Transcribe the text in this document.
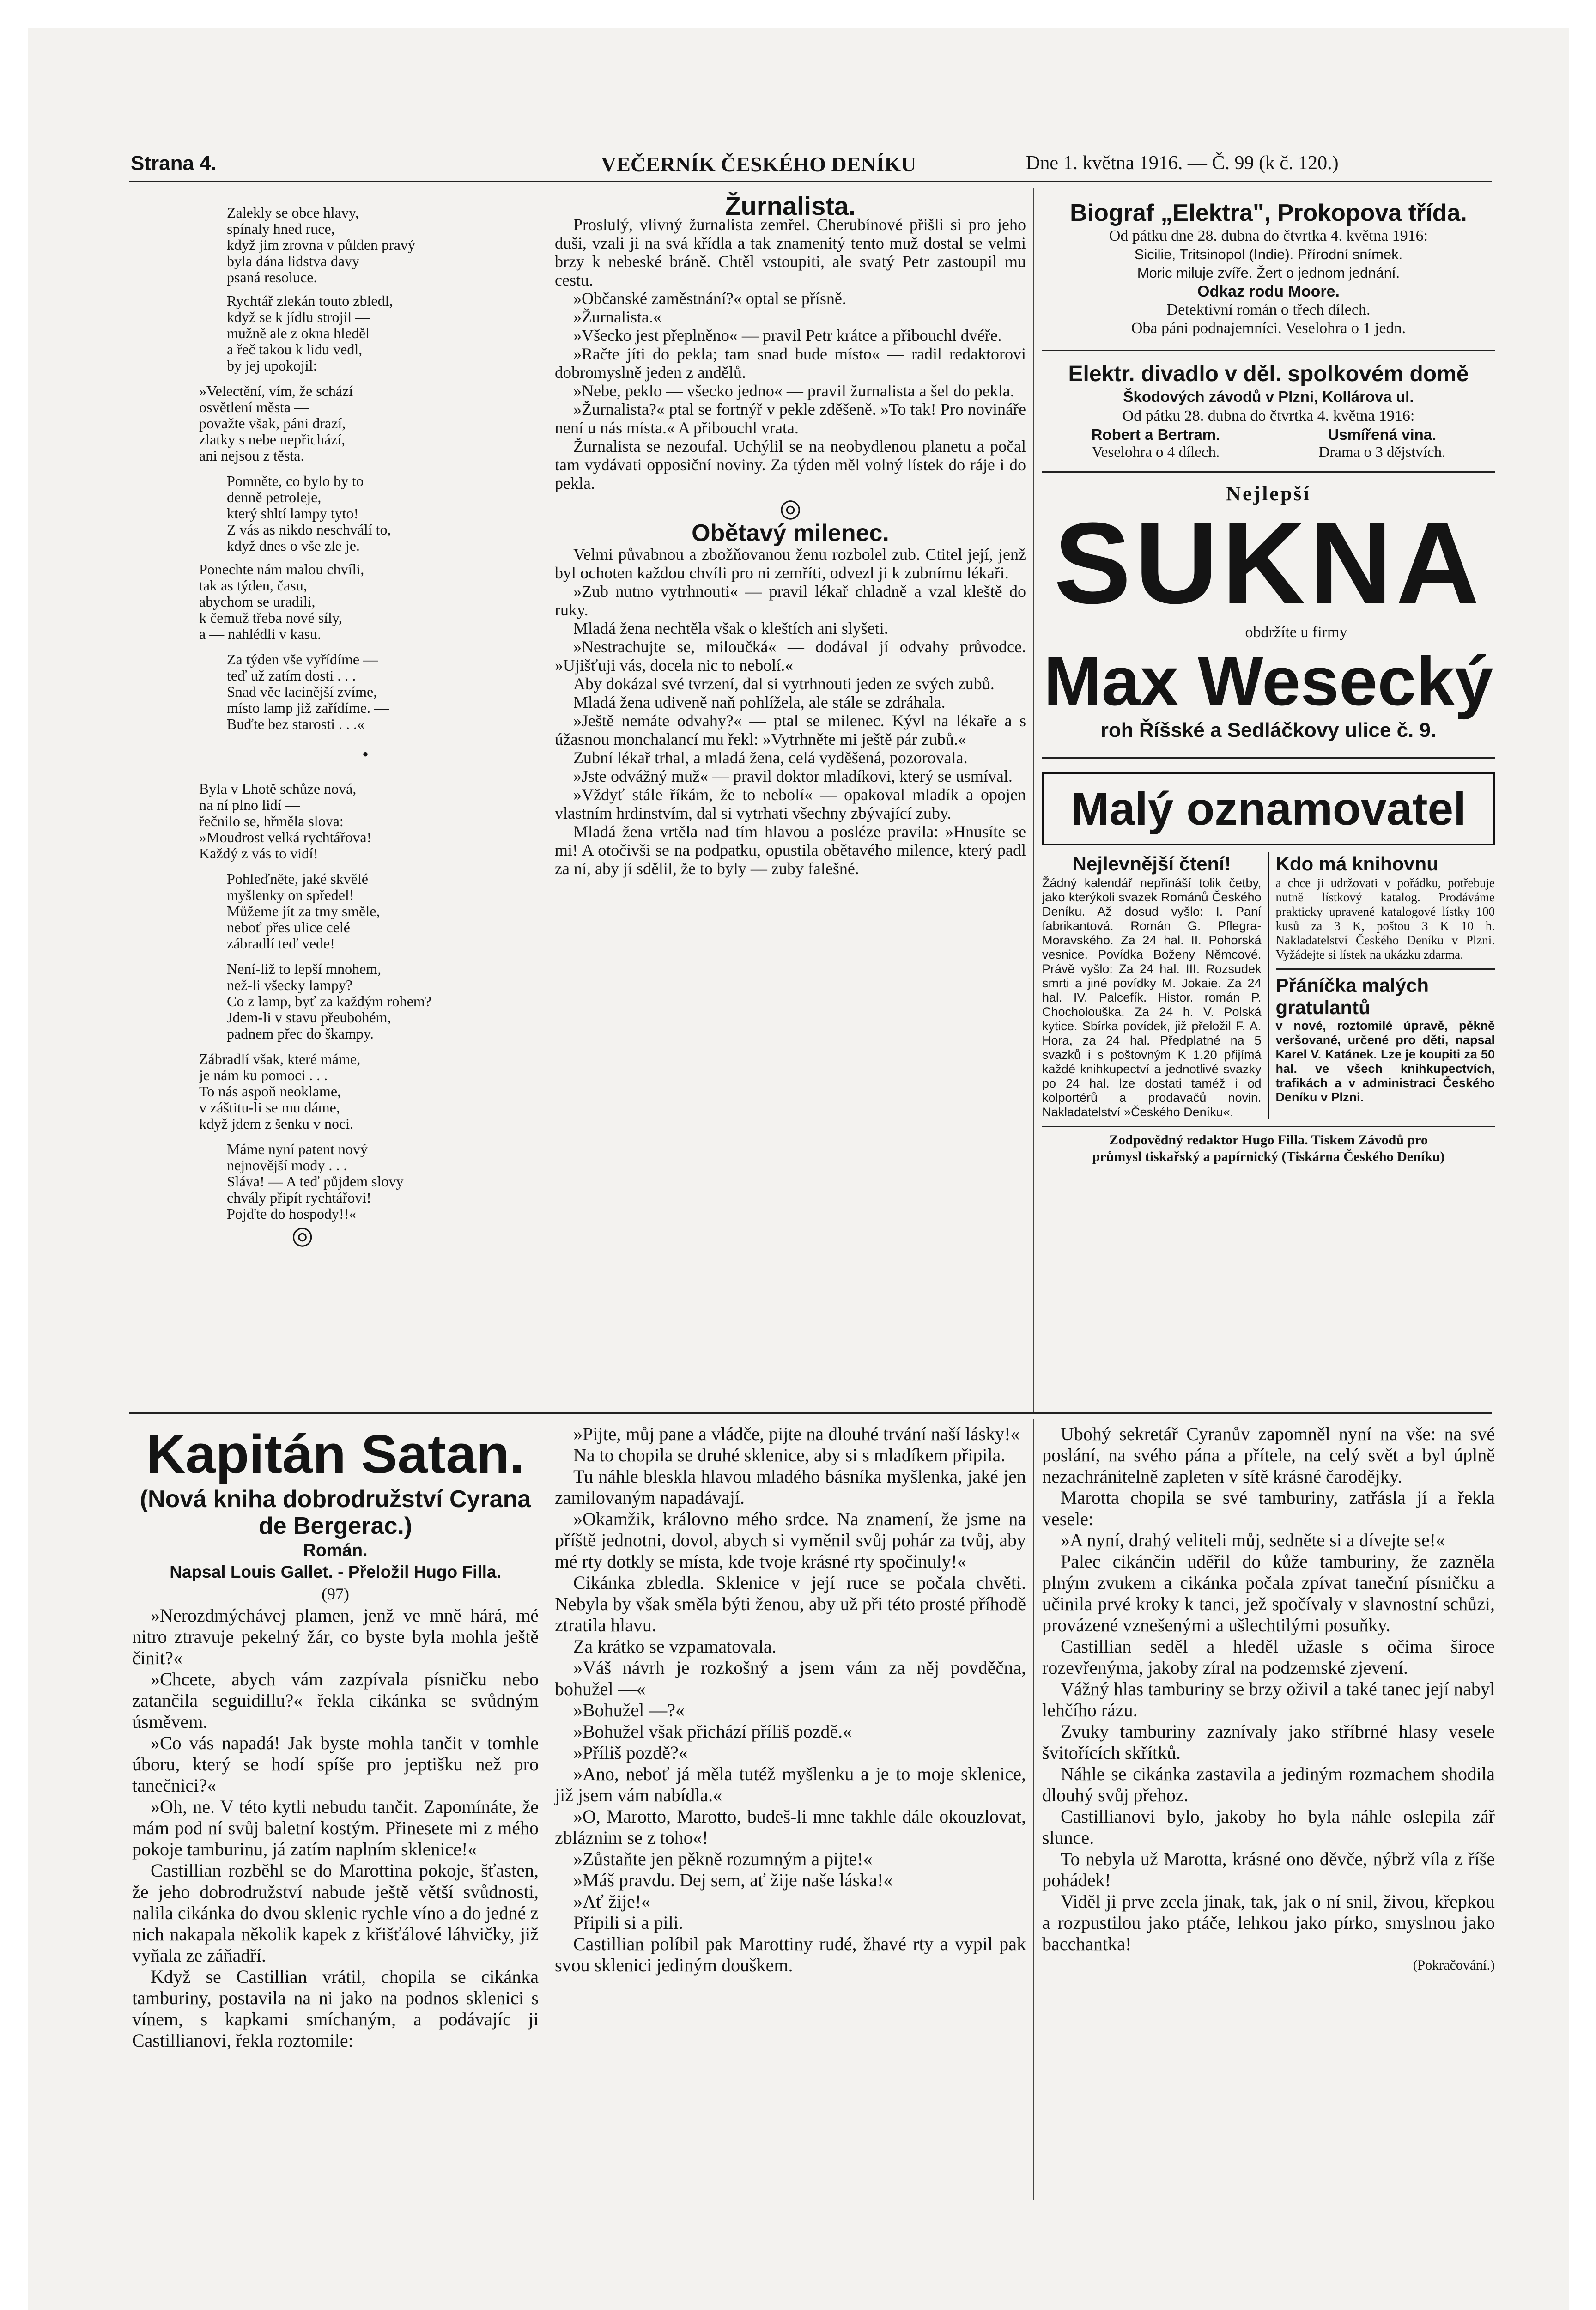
Strana 4.	VEČERNÍK ČESKÉHO DENÍKU	Dne 1. května 1916. — Č. 99 (k č. 120.)

Zalekly se obce hlavy,

spínaly hned ruce,

když jim zrovna v půlden pravý

byla dána lidstva davy

psaná resoluce.

Rychtář zlekán touto zbledl,

když se k jídlu strojil —

mužně ale z okna hleděl

a řeč takou k lidu vedl,

by jej upokojil:

»Velectění, vím, že schází

osvětlení města —

považte však, páni drazí,

zlatky s nebe nepřichází,

ani nejsou z těsta.

Pomněte, co bylo by to

denně petroleje,

který shltí lampy tyto!

Z vás as nikdo neschválí to,

když dnes o vše zle je.

Ponechte nám malou chvíli,

tak as týden, času,

abychom se uradili,

k čemuž třeba nové síly,

a — nahlédli v kasu.

Za týden vše vyřídíme —

teď už zatím dosti . . .

Snad věc lacinější zvíme,

místo lamp již zařídíme. —

Buďte bez starosti . . .«

•

Byla v Lhotě schůze nová,

na ní plno lidí —

řečnilo se, hřměla slova:

»Moudrost velká rychtářova!

Každý z vás to vidí!

Pohleďněte, jaké skvělé

myšlenky on spředel!

Můžeme jít za tmy směle,

neboť přes ulice celé

zábradlí teď vede!

Není-liž to lepší mnohem,

než-li všecky lampy?

Co z lamp, byť za každým rohem?

Jdem-li v stavu přeubohém,

padnem přec do škampy.

Zábradlí však, které máme,

je nám ku pomoci . . .

To nás aspoň neoklame,

v záštitu-li se mu dáme,

když jdem z šenku v noci.

Máme nyní patent nový

nejnovější mody . . .

Sláva! — A teď půjdem slovy

chvály připít rychtářovi!

Pojďte do hospody!!«

◎
Žurnalista.

Proslulý, vlivný žurnalista zemřel. Cherubínové přišli si pro jeho duši, vzali ji na svá křídla a tak znamenitý tento muž dostal se velmi brzy k nebeské bráně. Chtěl vstoupiti, ale svatý Petr zastoupil mu cestu.

»Občanské zaměstnání?« optal se přísně.

»Žurnalista.«

»Všecko jest přeplněno« — pravil Petr krátce a přibouchl dvéře.

»Račte jíti do pekla; tam snad bude místo« — radil redaktorovi dobromyslně jeden z andělů.

»Nebe, peklo — všecko jedno« — pravil žurnalista a šel do pekla.

»Žurnalista?« ptal se fortnýř v pekle zděšeně. »To tak! Pro novináře není u nás místa.« A přibouchl vrata.

Žurnalista se nezoufal. Uchýlil se na neobydlenou planetu a počal tam vydávati opposiční noviny. Za týden měl volný lístek do ráje i do pekla.

◎
Obětavý milenec.

Velmi půvabnou a zbožňovanou ženu rozbolel zub. Ctitel její, jenž byl ochoten každou chvíli pro ni zemříti, odvezl ji k zubnímu lékaři.

»Zub nutno vytrhnouti« — pravil lékař chladně a vzal kleště do ruky.

Mladá žena nechtěla však o kleštích ani slyšeti.

»Nestrachujte se, miloučká« — dodával jí odvahy průvodce. »Ujišťuji vás, docela nic to nebolí.«

Aby dokázal své tvrzení, dal si vytrhnouti jeden ze svých zubů.

Mladá žena udiveně naň pohlížela, ale stále se zdráhala.

»Ještě nemáte odvahy?« — ptal se milenec. Kývl na lékaře a s úžasnou monchalancí mu řekl: »Vytrhněte mi ještě pár zubů.«

Zubní lékař trhal, a mladá žena, celá vyděšená, pozorovala.

»Jste odvážný muž« — pravil doktor mladíkovi, který se usmíval.

»Vždyť stále říkám, že to nebolí« — opakoval mladík a opojen vlastním hrdinstvím, dal si vytrhati všechny zbývající zuby.

Mladá žena vrtěla nad tím hlavou a posléze pravila: »Hnusíte se mi! A otočivši se na podpatku, opustila obětavého milence, který padl za ní, aby jí sdělil, že to byly — zuby falešné.

Biograf „Elektra", Prokopova třída.

Od pátku dne 28. dubna do čtvrtka 4. května 1916:

Sicilie, Tritsinopol (Indie). Přírodní snímek.

Moric miluje zvíře. Žert o jednom jednání.

Odkaz rodu Moore.

Detektivní román o třech dílech.

Oba páni podnajemníci. Veselohra o 1 jedn.

Elektr. divadlo v děl. spolkovém domě
Škodových závodů v Plzni, Kollárova ul.
Od pátku 28. dubna do čtvrtka 4. května 1916:
Robert a Bertram.
Veselohra o 4 dílech.
Usmířená vina.
Drama o 3 dějstvích.
Nejlepší
SUKNA
obdržíte u firmy
Max Wesecký
roh Říšské a Sedláčkovy ulice č. 9.
Malý oznamovatel
Nejlevnější čtení!
Žádný kalendář nepřináší tolik četby, jako kterýkoli svazek Románů Českého Deníku. Až dosud vyšlo: I. Paní fabrikantová. Román G. Pflegra-Moravského. Za 24 hal. II. Pohorská vesnice. Povídka Boženy Němcové. Právě vyšlo: Za 24 hal. III. Rozsudek smrti a jiné povídky M. Jokaie. Za 24 hal. IV. Palcefík. Histor. román P. Chocholouška. Za 24 h. V. Polská kytice. Sbírka povídek, již přeložil F. A. Hora, za 24 hal. Předplatné na 5 svazků i s poštovným K 1.20 přijímá každé knihkupectví a jednotlivé svazky po 24 hal. lze dostati taméž i od kolportérů a prodavačů novin. Nakladatelství »Českého Deníku«.
Kdo má knihovnu
a chce ji udržovati v pořádku, potřebuje nutně lístkový katalog. Prodáváme prakticky upravené katalogové lístky 100 kusů za 3 K, poštou 3 K 10 h. Nakladatelství Českého Deníku v Plzni. Vyžádejte si lístek na ukázku zdarma.
Přáníčka malých gratulantů
v nové, roztomilé úpravě, pěkně veršované, určené pro děti, napsal Karel V. Katánek. Lze je koupiti za 50 hal. ve všech knihkupectvích, trafikách a v administraci Českého Deníku v Plzni.
Zodpovědný redaktor Hugo Filla. Tiskem Závodů pro
průmysl tiskařský a papírnický (Tiskárna Českého Deníku)
Kapitán Satan.
(Nová kniha dobrodružství Cyrana de Bergerac.)
Román.
Napsal Louis Gallet. - Přeložil Hugo Filla.
(97)

»Nerozdmýchávej plamen, jenž ve mně hárá, mé nitro ztravuje pekelný žár, co byste byla mohla ještě činit?«

»Chcete, abych vám zazpívala písničku nebo zatančila seguidillu?« řekla cikánka se svůdným úsměvem.

»Co vás napadá! Jak byste mohla tančit v tomhle úboru, který se hodí spíše pro jeptišku než pro tanečnici?«

»Oh, ne. V této kytli nebudu tančit. Zapomínáte, že mám pod ní svůj baletní kostým. Přinesete mi z mého pokoje tamburinu, já zatím naplním sklenice!«

Castillian rozběhl se do Marottina pokoje, šťasten, že jeho dobrodružství nabude ještě větší svůdnosti, nalila cikánka do dvou sklenic rychle víno a do jedné z nich nakapala několik kapek z křišťálové láhvičky, již vyňala ze záňadří.

Když se Castillian vrátil, chopila se cikánka tamburiny, postavila na ni jako na podnos sklenici s vínem, s kapkami smíchaným, a podávajíc ji Castillianovi, řekla roztomile:

»Pijte, můj pane a vládče, pijte na dlouhé trvání naší lásky!«

Na to chopila se druhé sklenice, aby si s mladíkem připila.

Tu náhle bleskla hlavou mladého básníka myšlenka, jaké jen zamilovaným napadávají.

»Okamžik, královno mého srdce. Na znamení, že jsme na příště jednotni, dovol, abych si vyměnil svůj pohár za tvůj, aby mé rty dotkly se místa, kde tvoje krásné rty spočinuly!«

Cikánka zbledla. Sklenice v její ruce se počala chvěti. Nebyla by však směla býti ženou, aby už při této prosté příhodě ztratila hlavu.

Za krátko se vzpamatovala.

»Váš návrh je rozkošný a jsem vám za něj povděčna, bohužel —«

»Bohužel —?«

»Bohužel však přichází příliš pozdě.«

»Příliš pozdě?«

»Ano, neboť já měla tutéž myšlenku a je to moje sklenice, již jsem vám nabídla.«

»O, Marotto, Marotto, budeš-li mne takhle dále okouzlovat, zbláznim se z toho«!

»Zůstaňte jen pěkně rozumným a pijte!«

»Máš pravdu. Dej sem, ať žije naše láska!«

»Ať žije!«

Připili si a pili.

Castillian políbil pak Marottiny rudé, žhavé rty a vypil pak svou sklenici jediným douškem.

Ubohý sekretář Cyranův zapomněl nyní na vše: na své poslání, na svého pána a přítele, na celý svět a byl úplně nezachránitelně zapleten v sítě krásné čarodějky.

Marotta chopila se své tamburiny, zatřásla jí a řekla vesele:

»A nyní, drahý veliteli můj, sedněte si a dívejte se!«

Palec cikánčin uděřil do kůže tamburiny, že zazněla plným zvukem a cikánka počala zpívat taneční písničku a učinila prvé kroky k tanci, jež spočívaly v slavnostní schůzi, provázené vznešenými a ušlechtilými posuňky.

Castillian seděl a hleděl užasle s očima široce rozevřenýma, jakoby zíral na podzemské zjevení.

Vážný hlas tamburiny se brzy oživil a také tanec její nabyl lehčího rázu.

Zvuky tamburiny zaznívaly jako stříbrné hlasy vesele švitořících skřítků.

Náhle se cikánka zastavila a jediným rozmachem shodila dlouhý svůj přehoz.

Castillianovi bylo, jakoby ho byla náhle oslepila zář slunce.

To nebyla už Marotta, krásné ono děvče, nýbrž víla z říše pohádek!

Viděl ji prve zcela jinak, tak, jak o ní snil, živou, křepkou a rozpustilou jako ptáče, lehkou jako pírko, smyslnou jako bacchantka!

(Pokračování.)
